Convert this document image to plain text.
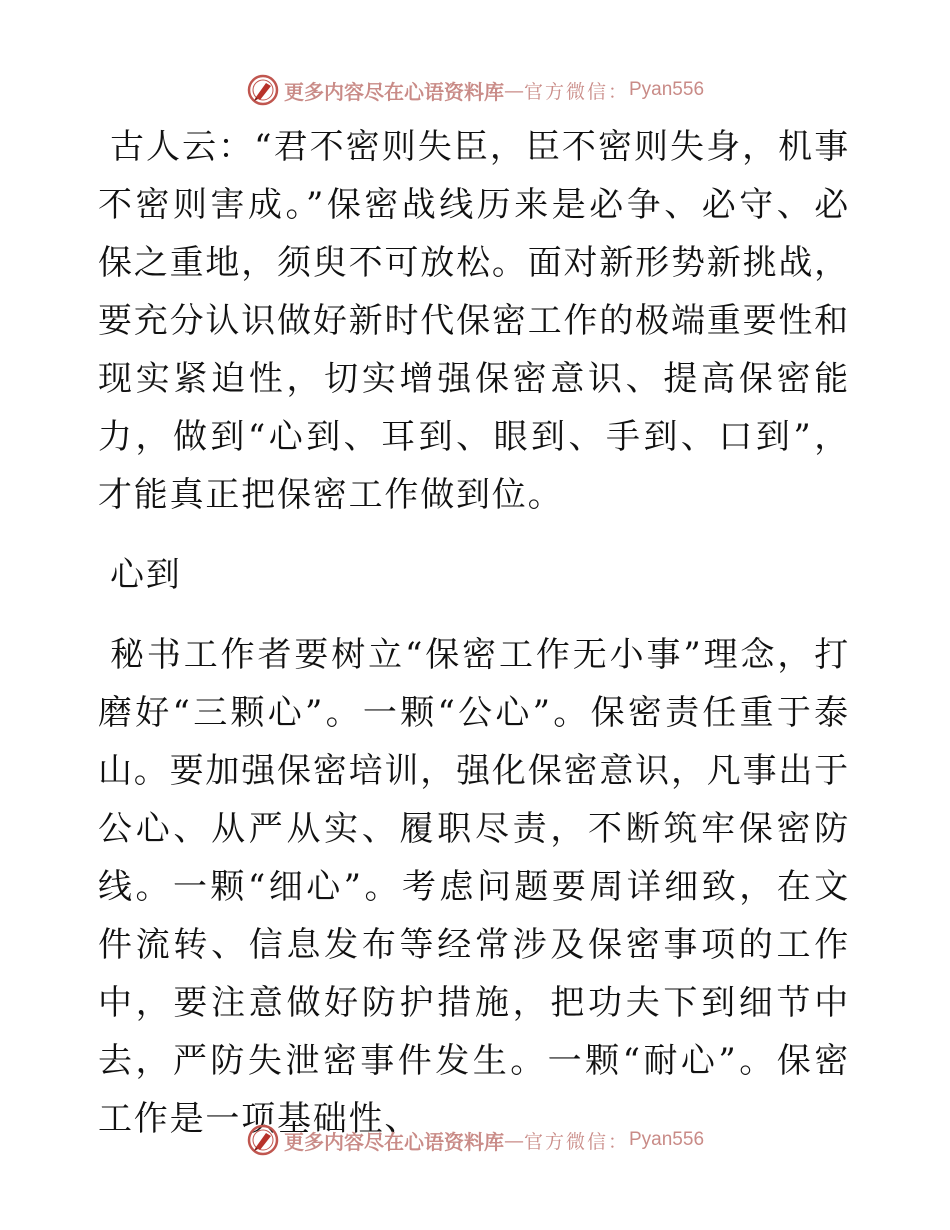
更多内容尽在心语资料库 — 官方微信： Pyan556

古人云：“君不密则失臣，臣不密则失身，机事不密则害成。”保密战线历来是必争、必守、必保之重地，须臾不可放松。面对新形势新挑战，要充分认识做好新时代保密工作的极端重要性和现实紧迫性，切实增强保密意识、提高保密能力，做到“心到、耳到、眼到、手到、口到”，才能真正把保密工作做到位。

心到

秘书工作者要树立“保密工作无小事”理念，打磨好“三颗心”。一颗“公心”。保密责任重于泰山。要加强保密培训，强化保密意识，凡事出于公心、从严从实、履职尽责，不断筑牢保密防线。一颗“细心”。考虑问题要周详细致，在文件流转、信息发布等经常涉及保密事项的工作中，要注意做好防护措施，把功夫下到细节中去，严防失泄密事件发生。一颗“耐心”。保密工作是一项基础性、

更多内容尽在心语资料库 — 官方微信： Pyan556
